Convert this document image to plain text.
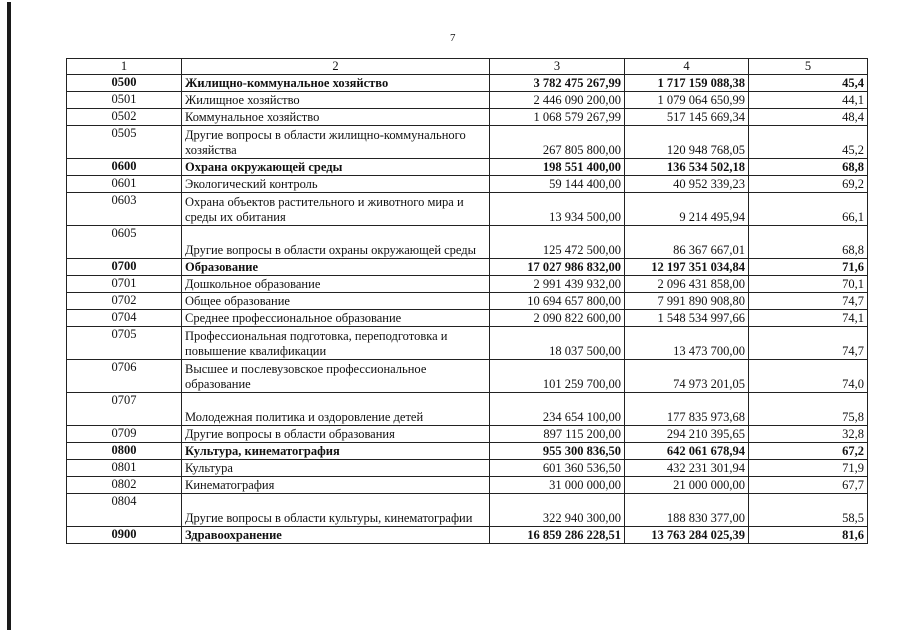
7
1	2	3	4	5
0500	Жилищно-коммунальное хозяйство	3 782 475 267,99	1 717 159 088,38	45,4
0501	Жилищное хозяйство	2 446 090 200,00	1 079 064 650,99	44,1
0502	Коммунальное хозяйство	1 068 579 267,99	517 145 669,34	48,4
0505	Другие вопросы в области жилищно-коммунального хозяйства	267 805 800,00	120 948 768,05	45,2
0600	Охрана окружающей среды	198 551 400,00	136 534 502,18	68,8
0601	Экологический контроль	59 144 400,00	40 952 339,23	69,2
0603	Охрана объектов растительного и животного мира и среды их обитания	13 934 500,00	9 214 495,94	66,1
0605	Другие вопросы в области охраны окружающей среды	125 472 500,00	86 367 667,01	68,8
0700	Образование	17 027 986 832,00	12 197 351 034,84	71,6
0701	Дошкольное образование	2 991 439 932,00	2 096 431 858,00	70,1
0702	Общее образование	10 694 657 800,00	7 991 890 908,80	74,7
0704	Среднее профессиональное образование	2 090 822 600,00	1 548 534 997,66	74,1
0705	Профессиональная подготовка, переподготовка и повышение квалификации	18 037 500,00	13 473 700,00	74,7
0706	Высшее и послевузовское профессиональное образование	101 259 700,00	74 973 201,05	74,0
0707	Молодежная политика и оздоровление детей	234 654 100,00	177 835 973,68	75,8
0709	Другие вопросы в области образования	897 115 200,00	294 210 395,65	32,8
0800	Культура, кинематография	955 300 836,50	642 061 678,94	67,2
0801	Культура	601 360 536,50	432 231 301,94	71,9
0802	Кинематография	31 000 000,00	21 000 000,00	67,7
0804	Другие вопросы в области культуры, кинематографии	322 940 300,00	188 830 377,00	58,5
0900	Здравоохранение	16 859 286 228,51	13 763 284 025,39	81,6
